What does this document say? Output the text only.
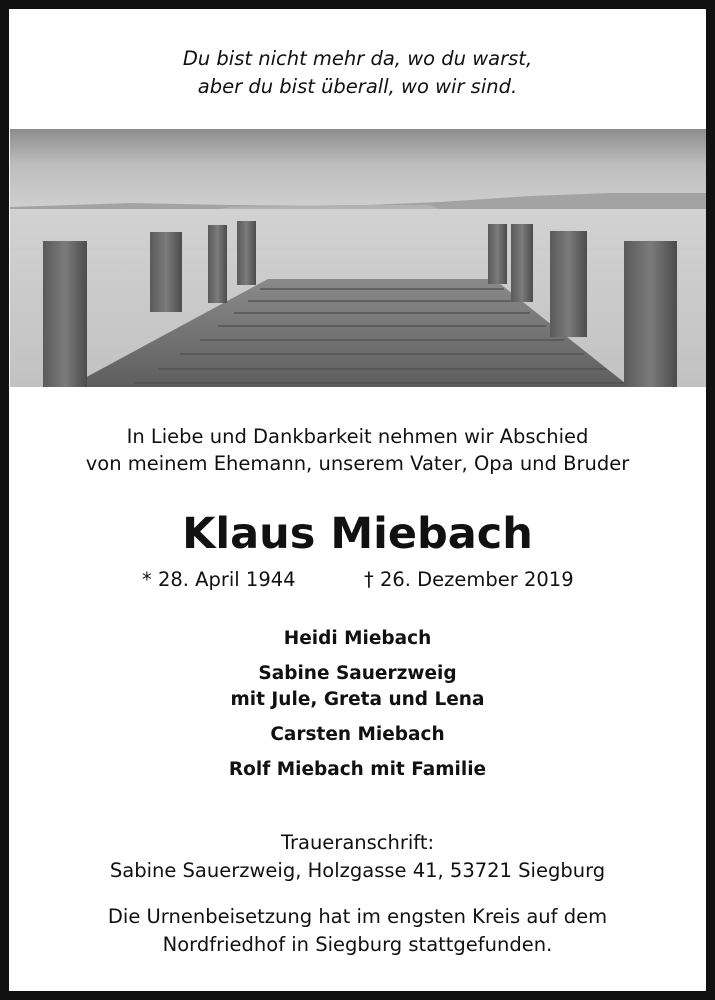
Du bist nicht mehr da, wo du warst,
aber du bist überall, wo wir sind.
In Liebe und Dankbarkeit nehmen wir Abschied
von meinem Ehemann, unserem Vater, Opa und Bruder
Klaus Miebach
* 28. April 1944	† 26. Dezember 2019
Heidi Miebach
Sabine Sauerzweig
mit Jule, Greta und Lena
Carsten Miebach
Rolf Miebach mit Familie
Traueranschrift:
Sabine Sauerzweig, Holzgasse 41, 53721 Siegburg
Die Urnenbeisetzung hat im engsten Kreis auf dem
Nordfriedhof in Siegburg stattgefunden.
